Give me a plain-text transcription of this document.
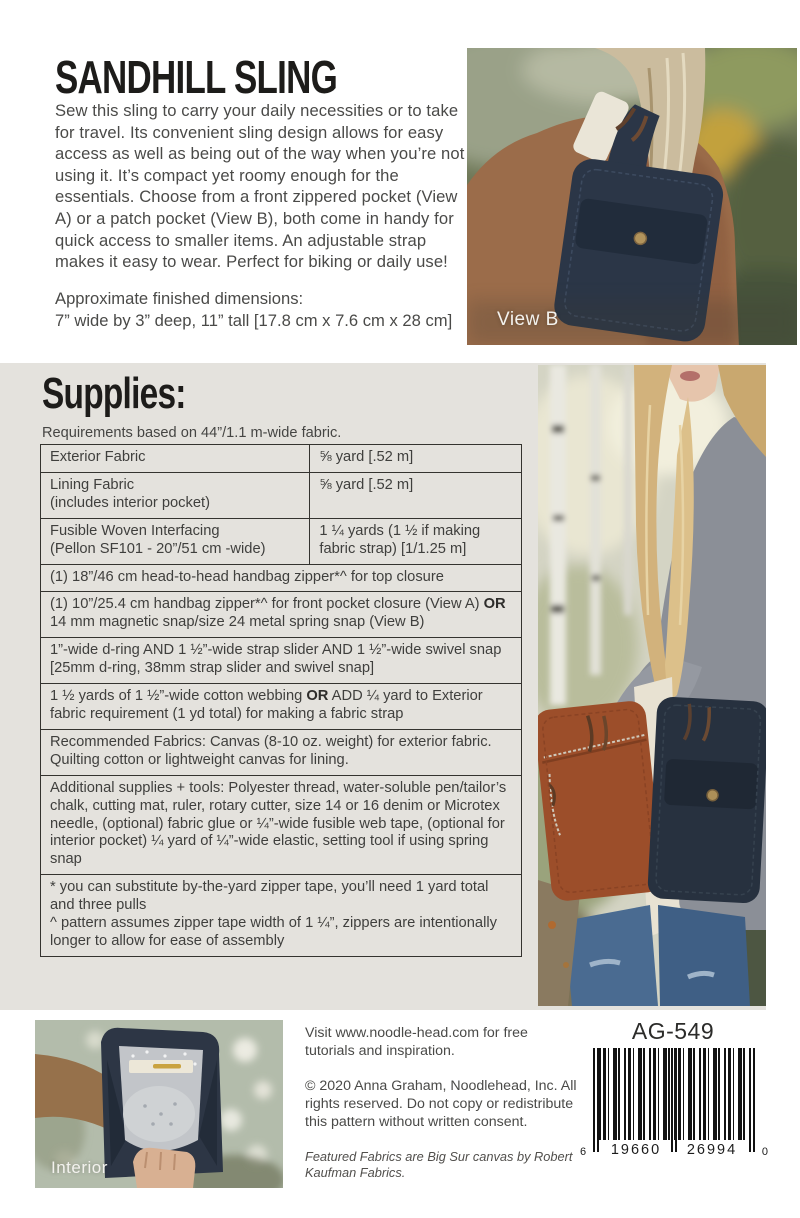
SANDHILL SLING

Sew this sling to carry your daily necessities or to take for travel. Its convenient sling design allows for easy access as well as being out of the way when you’re not using it. It’s compact yet roomy enough for the essentials. Choose from a front zippered pocket (View A) or a patch pocket (View B), both come in handy for quick access to smaller items. An adjustable strap makes it easy to wear. Perfect for biking or daily use!

Approximate finished dimensions:
7” wide by 3” deep, 11” tall [17.8 cm x 7.6 cm x 28 cm]	View B
Supplies:

Requirements based on 44”/1.1 m-wide fabric.

Exterior Fabric	⅝ yard [.52 m]
Lining Fabric
(includes interior pocket)	⅝ yard [.52 m]
Fusible Woven Interfacing
(Pellon SF101 - 20”/51 cm -wide)	1 ¼ yards (1 ½ if making fabric strap) [1/1.25 m]
(1) 18”/46 cm head-to-head handbag zipper*^ for top closure	
(1) 10”/25.4 cm handbag zipper*^ for front pocket closure (View A) OR 14 mm magnetic snap/size 24 metal spring snap (View B)	
1”-wide d-ring AND 1 ½”-wide strap slider AND 1 ½”-wide swivel snap [25mm d-ring, 38mm strap slider and swivel snap]	
1 ½ yards of 1 ½”-wide cotton webbing OR ADD ¼ yard to Exterior fabric requirement (1 yd total) for making a fabric strap	
Recommended Fabrics: Canvas (8-10 oz. weight) for exterior fabric. Quilting cotton or lightweight canvas for lining.	
Additional supplies + tools: Polyester thread, water-soluble pen/tailor’s chalk, cutting mat, ruler, rotary cutter, size 14 or 16 denim or Microtex needle, (optional) fabric glue or ¼”-wide fusible web tape, (optional for interior pocket) ¼ yard of ¼”-wide elastic, setting tool if using spring snap	

* you can substitute by-the-yard zipper tape, you’ll need 1 yard total and three pulls

^ pattern assumes zipper tape width of 1 ¼”, zippers are intentionally longer to allow for ease of assembly	

Interior

Visit www.noodle-head.com for free tutorials and inspiration.

© 2020 Anna Graham, Noodlehead, Inc. All rights reserved. Do not copy or redistribute this pattern without written consent.

Featured Fabrics are Big Sur canvas by Robert Kaufman Fabrics.

AG-549

6	19660	26994	0
